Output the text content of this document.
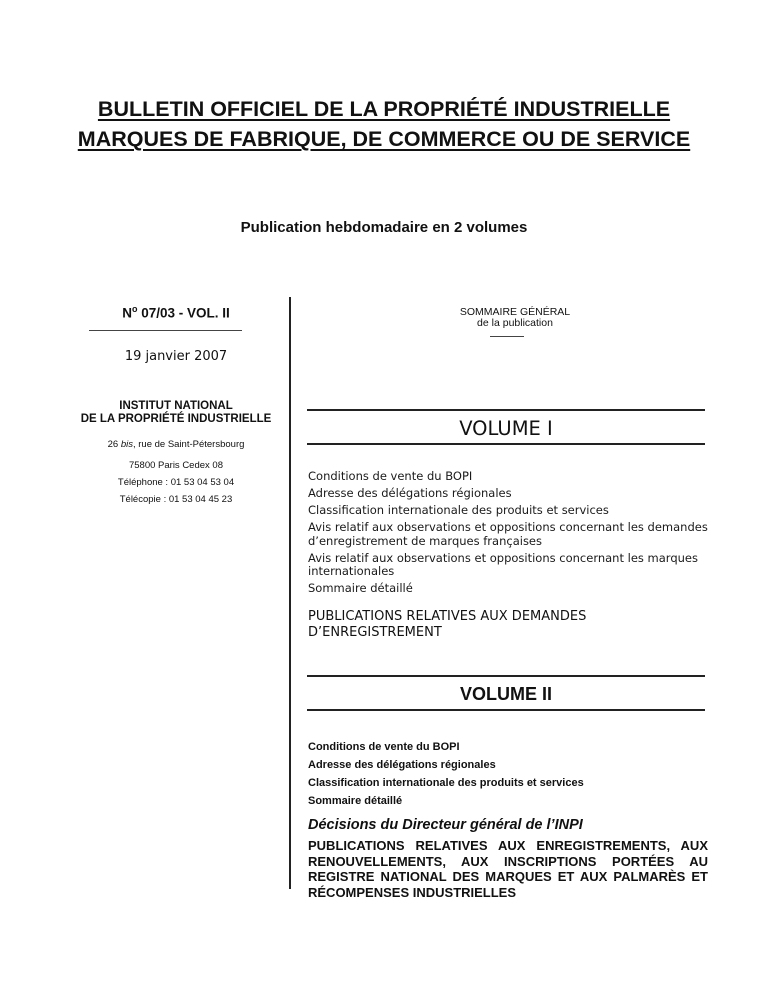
BULLETIN OFFICIEL DE LA PROPRIÉTÉ INDUSTRIELLE
MARQUES DE FABRIQUE, DE COMMERCE OU DE SERVICE
Publication hebdomadaire en 2 volumes
$N^o$ 07/03 - VOL. II
19 janvier 2007
INSTITUT NATIONAL
DE LA PROPRIÉTÉ INDUSTRIELLE
26 bis, rue de Saint-Pétersbourg
75800 Paris Cedex 08
Téléphone : 01 53 04 53 04
Télécopie : 01 53 04 45 23
SOMMAIRE GÉNÉRAL
de la publication
VOLUME I
Conditions de vente du BOPI
Adresse des délégations régionales
Classification internationale des produits et services
Avis relatif aux observations et oppositions concernant les demandes d’enregistrement de marques françaises
Avis relatif aux observations et oppositions concernant les marques internationales
Sommaire détaillé
PUBLICATIONS RELATIVES AUX DEMANDES D’ENREGISTREMENT
VOLUME II
Conditions de vente du BOPI
Adresse des délégations régionales
Classification internationale des produits et services
Sommaire détaillé
Décisions du Directeur général de l’INPI
PUBLICATIONS RELATIVES AUX ENREGISTREMENTS, AUX RENOUVELLEMENTS, AUX INSCRIPTIONS PORTÉES AU REGISTRE NATIONAL DES MARQUES ET AUX PALMARÈS ET RÉCOMPENSES INDUSTRIELLES
